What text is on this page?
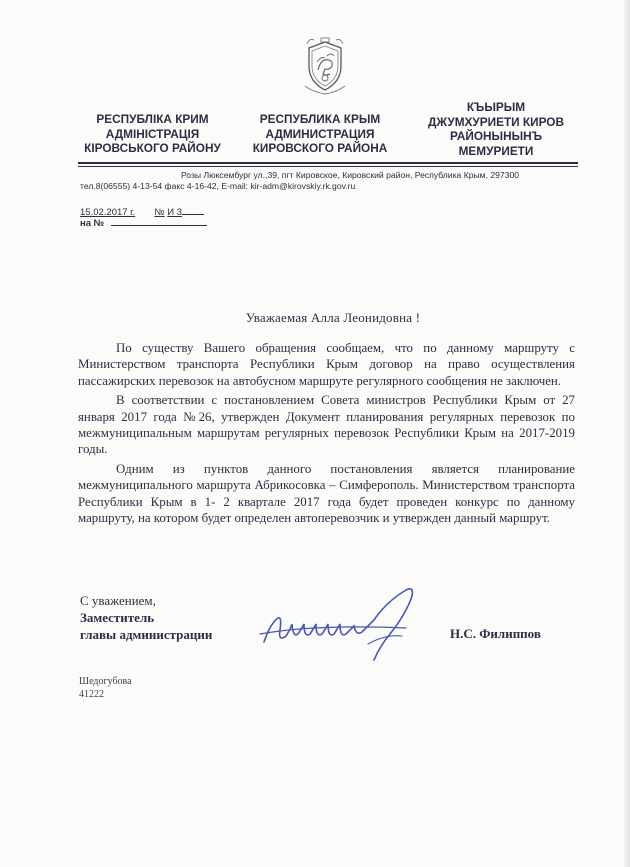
РЕСПУБЛІКА КРИМ
АДМІНІСТРАЦІЯ
КІРОВСЬКОГО РАЙОНУ
РЕСПУБЛИКА КРЫМ
АДМИНИСТРАЦИЯ
КИРОВСКОГО РАЙОНА
КЪЫРЫМ
ДЖУМХУРИЕТИ КИРОВ
РАЙОНЫНЫНЪ
МЕМУРИЕТИ
Розы Люксембург ул.,39, пгт Кировское, Кировский район, Республика Крым, 297300
тел.8(06555) 4-13-54 факс 4-16-42, E-mail: kir-adm@kirovskiy.rk.gov.ru
15.02.2017 г. № И 3
на №
Уважаемая Алла Леонидовна !

По существу Вашего обращения сообщаем, что по данному маршруту с Министерством транспорта Республики Крым договор на право осуществления пассажирских перевозок на автобусном маршруте регулярного сообщения не заключен.

В соответствии с постановлением Совета министров Республики Крым от 27 января 2017 года №26, утвержден Документ планирования регулярных перевозок по межмуниципальным маршрутам регулярных перевозок Республики Крым на 2017-2019 годы.

Одним из пунктов данного постановления является планирование межмуниципального маршрута Абрикосовка – Симферополь. Министерством транспорта Республики Крым в 1- 2 квартале 2017 года будет проведен конкурс по данному маршруту, на котором будет определен автоперевозчик и утвержден данный маршрут.

С уважением,
Заместитель
главы администрации	Н.С. Филиппов
Шедогубова
41222
